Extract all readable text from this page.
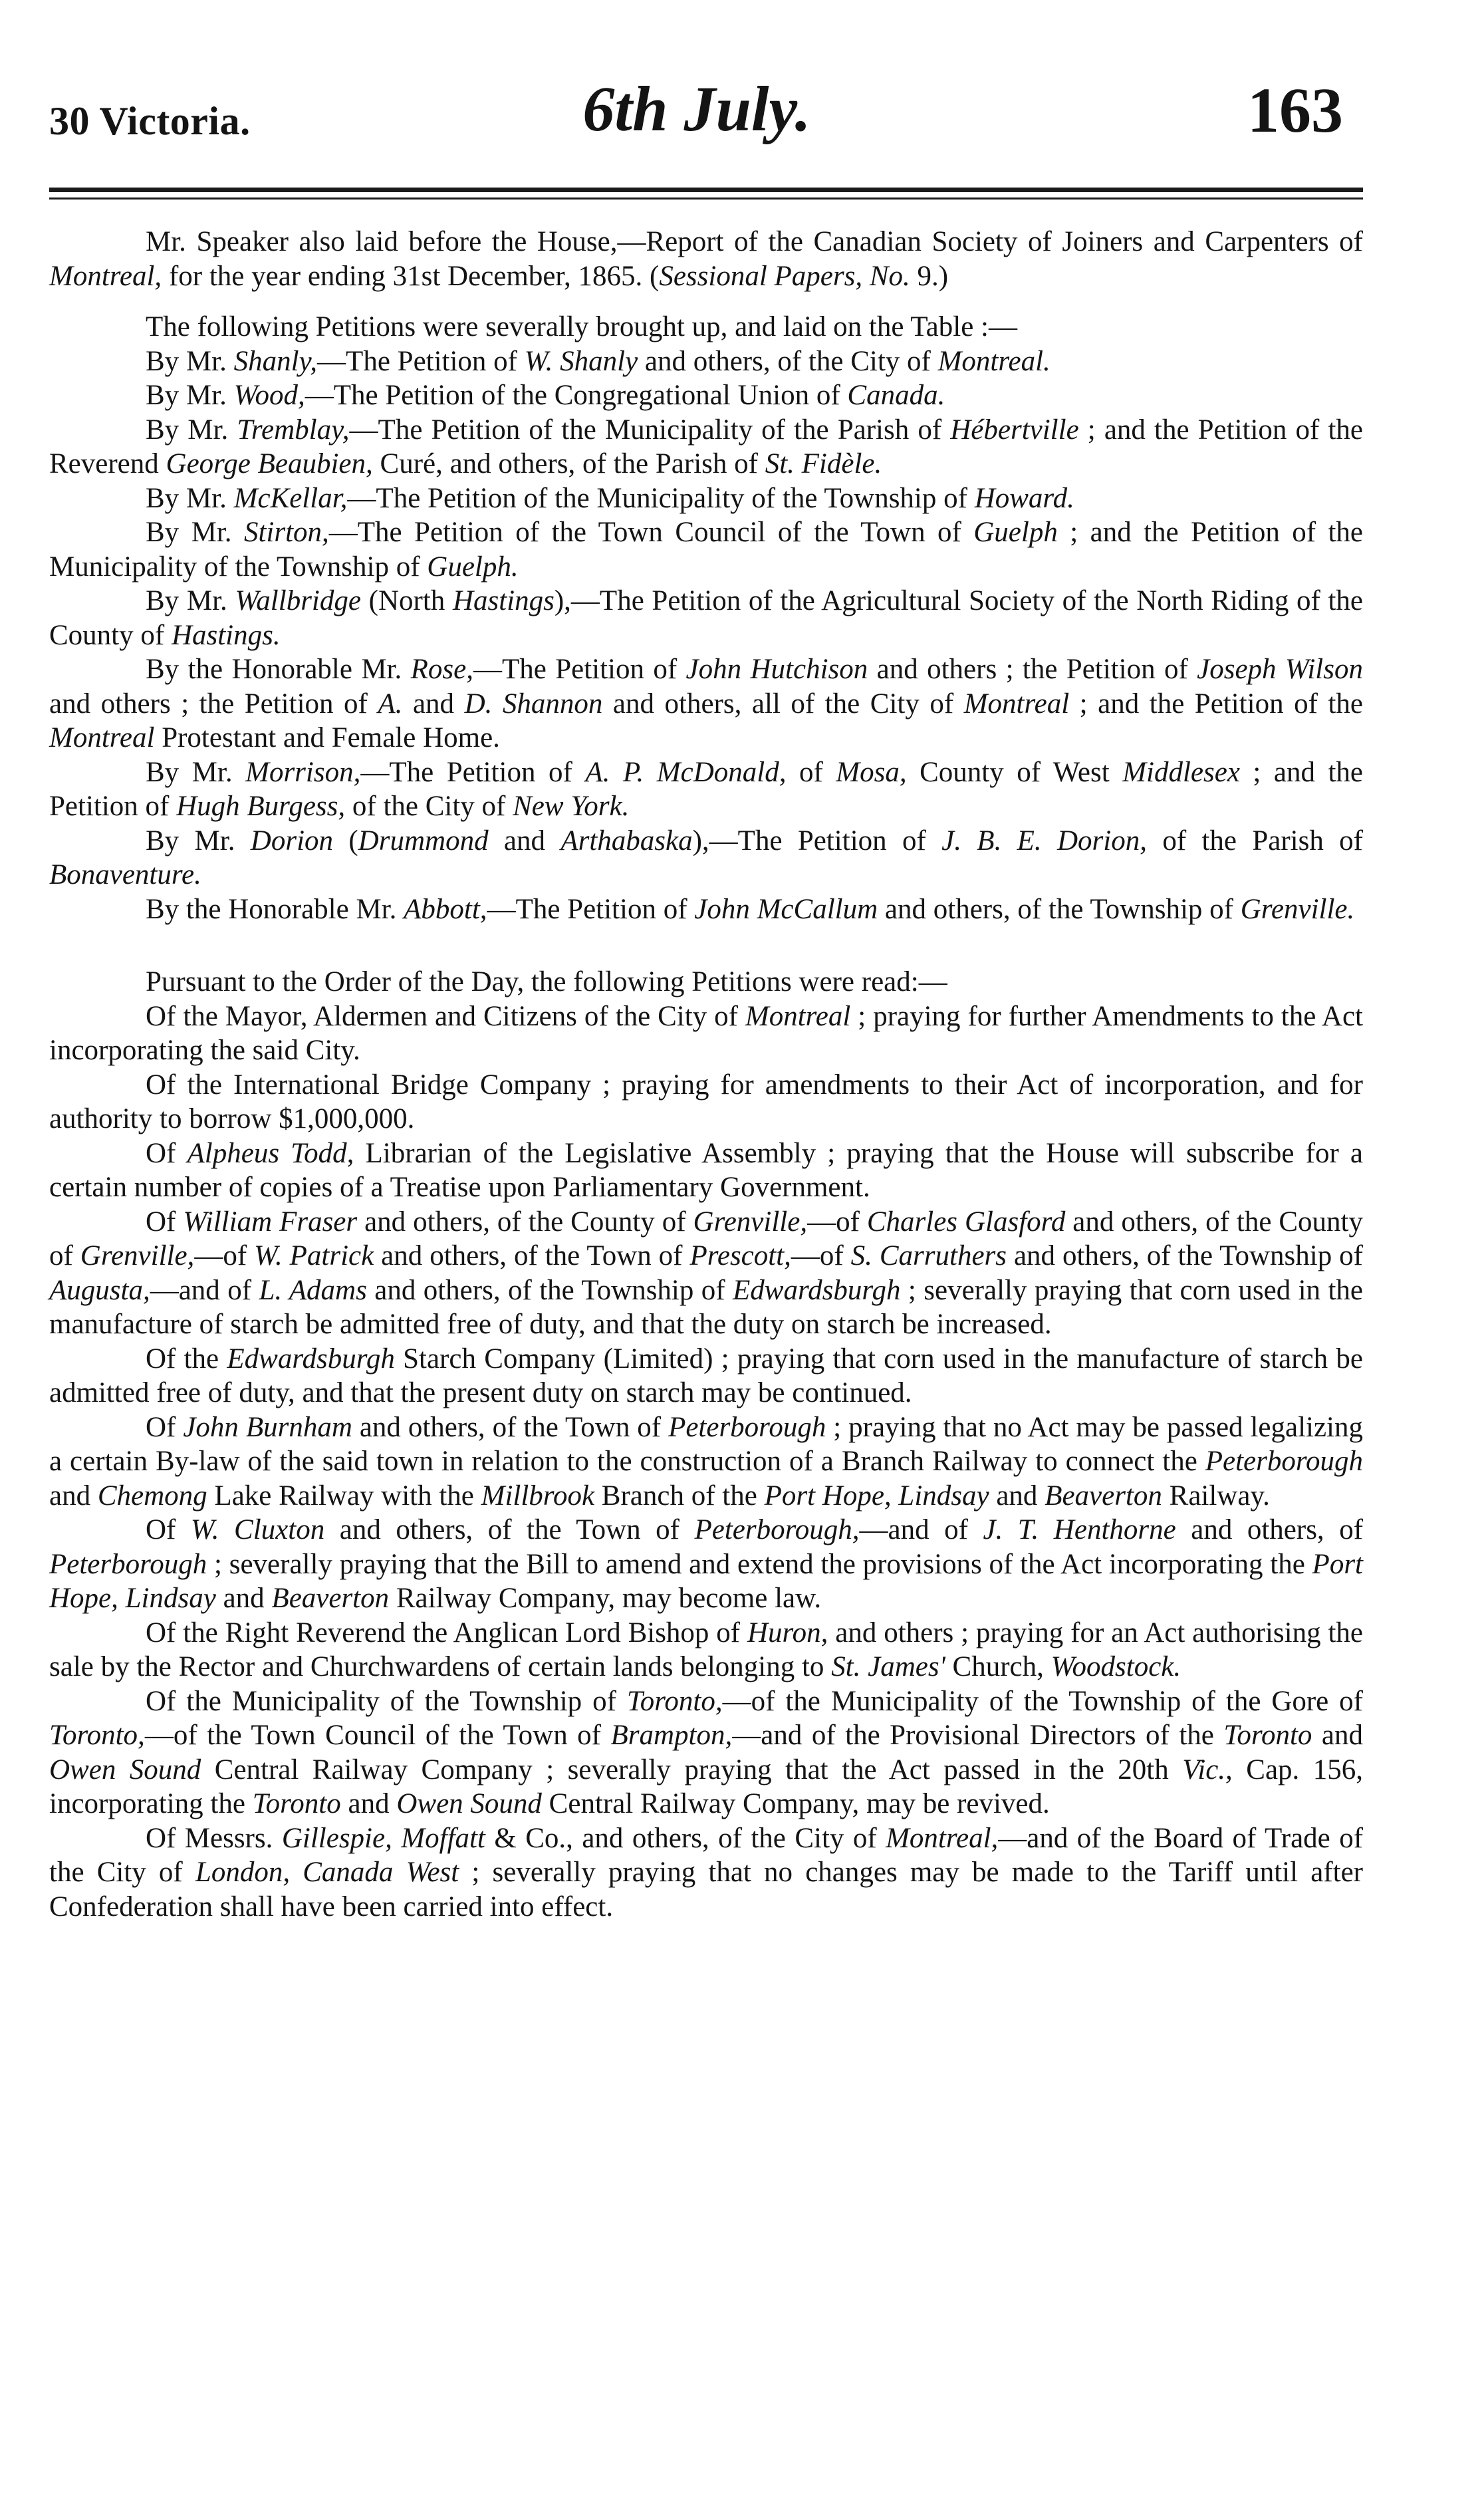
30 Victoria.	6th July.	163

Mr. Speaker also laid before the House,—Report of the Canadian Society of Joiners and Carpenters of Montreal, for the year ending 31st December, 1865. (Sessional Papers, No. 9.)

The following Petitions were severally brought up, and laid on the Table :—

By Mr. Shanly,—The Petition of W. Shanly and others, of the City of Montreal.

By Mr. Wood,—The Petition of the Congregational Union of Canada.

By Mr. Tremblay,—The Petition of the Municipality of the Parish of Hébertville ; and the Petition of the Reverend George Beaubien, Curé, and others, of the Parish of St. Fidèle.

By Mr. McKellar,—The Petition of the Municipality of the Township of Howard.

By Mr. Stirton,—The Petition of the Town Council of the Town of Guelph ; and the Petition of the Municipality of the Township of Guelph.

By Mr. Wallbridge (North Hastings),—The Petition of the Agricultural Society of the North Riding of the County of Hastings.

By the Honorable Mr. Rose,—The Petition of John Hutchison and others ; the Petition of Joseph Wilson and others ; the Petition of A. and D. Shannon and others, all of the City of Montreal ; and the Petition of the Montreal Protestant and Female Home.

By Mr. Morrison,—The Petition of A. P. McDonald, of Mosa, County of West Middlesex ; and the Petition of Hugh Burgess, of the City of New York.

By Mr. Dorion (Drummond and Arthabaska),—The Petition of J. B. E. Dorion, of the Parish of Bonaventure.

By the Honorable Mr. Abbott,—The Petition of John McCallum and others, of the Township of Grenville.

Pursuant to the Order of the Day, the following Petitions were read:—

Of the Mayor, Aldermen and Citizens of the City of Montreal ; praying for further Amendments to the Act incorporating the said City.

Of the International Bridge Company ; praying for amendments to their Act of incorporation, and for authority to borrow $1,000,000.

Of Alpheus Todd, Librarian of the Legislative Assembly ; praying that the House will subscribe for a certain number of copies of a Treatise upon Parliamentary Government.

Of William Fraser and others, of the County of Grenville,—of Charles Glasford and others, of the County of Grenville,—of W. Patrick and others, of the Town of Prescott,—of S. Carruthers and others, of the Township of Augusta,—and of L. Adams and others, of the Township of Edwardsburgh ; severally praying that corn used in the manufacture of starch be admitted free of duty, and that the duty on starch be increased.

Of the Edwardsburgh Starch Company (Limited) ; praying that corn used in the manufacture of starch be admitted free of duty, and that the present duty on starch may be continued.

Of John Burnham and others, of the Town of Peterborough ; praying that no Act may be passed legalizing a certain By-law of the said town in relation to the construction of a Branch Railway to connect the Peterborough and Chemong Lake Railway with the Millbrook Branch of the Port Hope, Lindsay and Beaverton Railway.

Of W. Cluxton and others, of the Town of Peterborough,—and of J. T. Henthorne and others, of Peterborough ; severally praying that the Bill to amend and extend the provisions of the Act incorporating the Port Hope, Lindsay and Beaverton Railway Company, may become law.

Of the Right Reverend the Anglican Lord Bishop of Huron, and others ; praying for an Act authorising the sale by the Rector and Churchwardens of certain lands belonging to St. James' Church, Woodstock.

Of the Municipality of the Township of Toronto,—of the Municipality of the Township of the Gore of Toronto,—of the Town Council of the Town of Brampton,—and of the Provisional Directors of the Toronto and Owen Sound Central Railway Company ; severally praying that the Act passed in the 20th Vic., Cap. 156, incorporating the Toronto and Owen Sound Central Railway Company, may be revived.

Of Messrs. Gillespie, Moffatt & Co., and others, of the City of Montreal,—and of the Board of Trade of the City of London, Canada West ; severally praying that no changes may be made to the Tariff until after Confederation shall have been carried into effect.
